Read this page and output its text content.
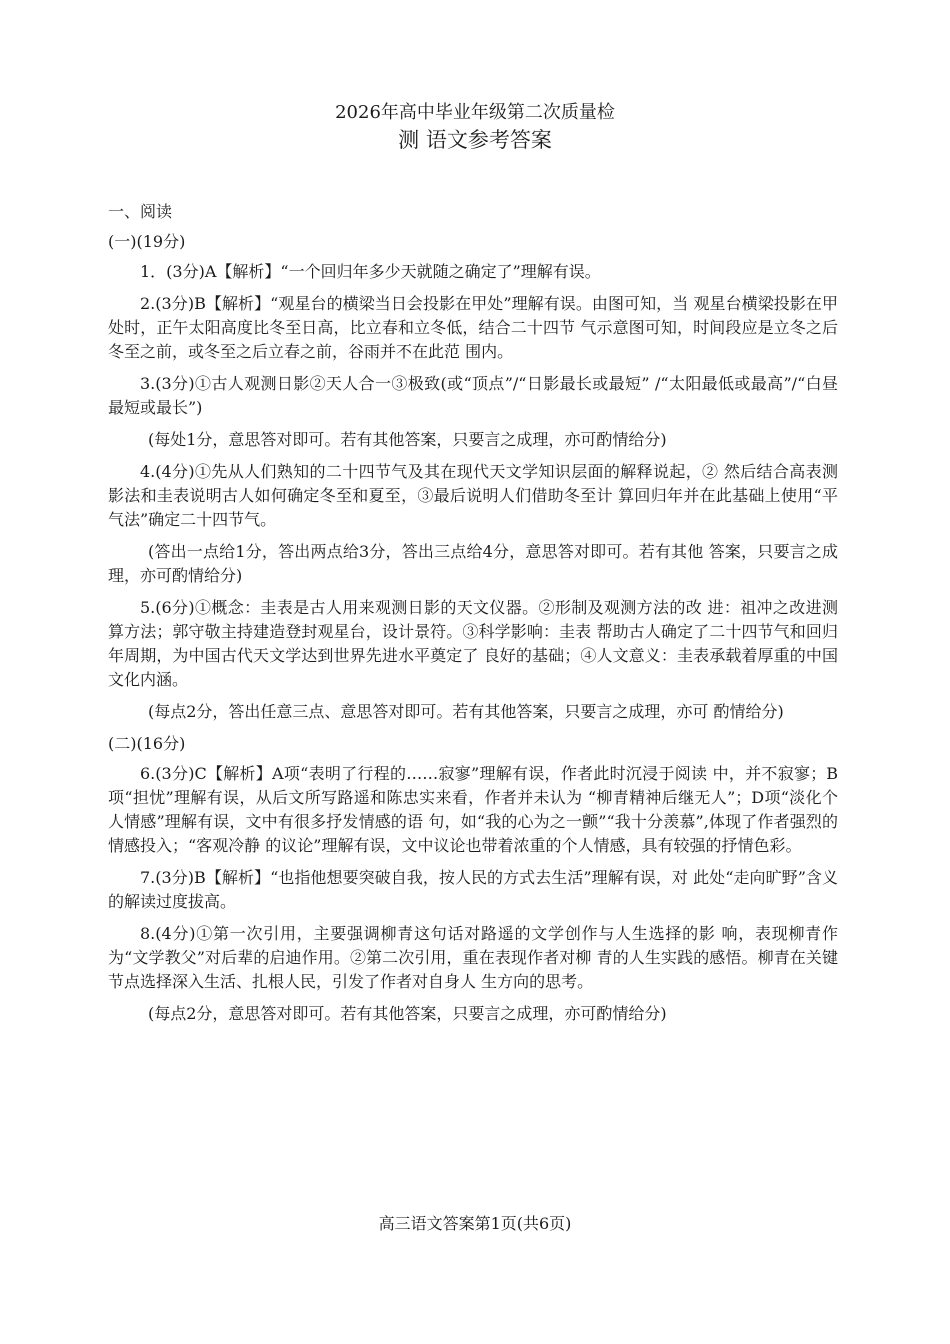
2026年高中毕业年级第二次质量检
测 语文参考答案
一、阅读
(一)(19分)

1．(3分)A【解析】“一个回归年多少天就随之确定了”理解有误。

2.(3分)B【解析】“观星台的横梁当日会投影在甲处”理解有误。由图可知，当 观星台横梁投影在甲处时，正午太阳高度比冬至日高，比立春和立冬低，结合二十四节 气示意图可知，时间段应是立冬之后冬至之前，或冬至之后立春之前，谷雨并不在此范 围内。

3.(3分)①古人观测日影②天人合一③极致(或“顶点”/“日影最长或最短” /“太阳最低或最高”/“白昼最短或最长”)

(每处1分，意思答对即可。若有其他答案，只要言之成理，亦可酌情给分)

4.(4分)①先从人们熟知的二十四节气及其在现代天文学知识层面的解释说起，② 然后结合高表测影法和圭表说明古人如何确定冬至和夏至，③最后说明人们借助冬至计 算回归年并在此基础上使用“平气法”确定二十四节气。

(答出一点给1分，答出两点给3分，答出三点给4分，意思答对即可。若有其他 答案，只要言之成理，亦可酌情给分)

5.(6分)①概念：圭表是古人用来观测日影的天文仪器。②形制及观测方法的改 进：祖冲之改进测算方法；郭守敬主持建造登封观星台，设计景符。③科学影响：圭表 帮助古人确定了二十四节气和回归年周期，为中国古代天文学达到世界先进水平奠定了 良好的基础；④人文意义：圭表承载着厚重的中国文化内涵。

(每点2分，答出任意三点、意思答对即可。若有其他答案，只要言之成理，亦可 酌情给分)

(二)(16分)

6.(3分)C【解析】A项“表明了行程的……寂寥”理解有误，作者此时沉浸于阅读 中，并不寂寥；B项“担忧”理解有误，从后文所写路遥和陈忠实来看，作者并未认为 “柳青精神后继无人”；D项“淡化个人情感”理解有误，文中有很多抒发情感的语 句，如“我的心为之一颤”“我十分羡慕”,体现了作者强烈的情感投入；“客观冷静 的议论”理解有误，文中议论也带着浓重的个人情感，具有较强的抒情色彩。

7.(3分)B【解析】“也指他想要突破自我，按人民的方式去生活”理解有误，对 此处“走向旷野”含义的解读过度拔高。

8.(4分)①第一次引用，主要强调柳青这句话对路遥的文学创作与人生选择的影 响，表现柳青作为“文学教父”对后辈的启迪作用。②第二次引用，重在表现作者对柳 青的人生实践的感悟。柳青在关键节点选择深入生活、扎根人民，引发了作者对自身人 生方向的思考。

(每点2分，意思答对即可。若有其他答案，只要言之成理，亦可酌情给分)

高三语文答案第1页(共6页)
